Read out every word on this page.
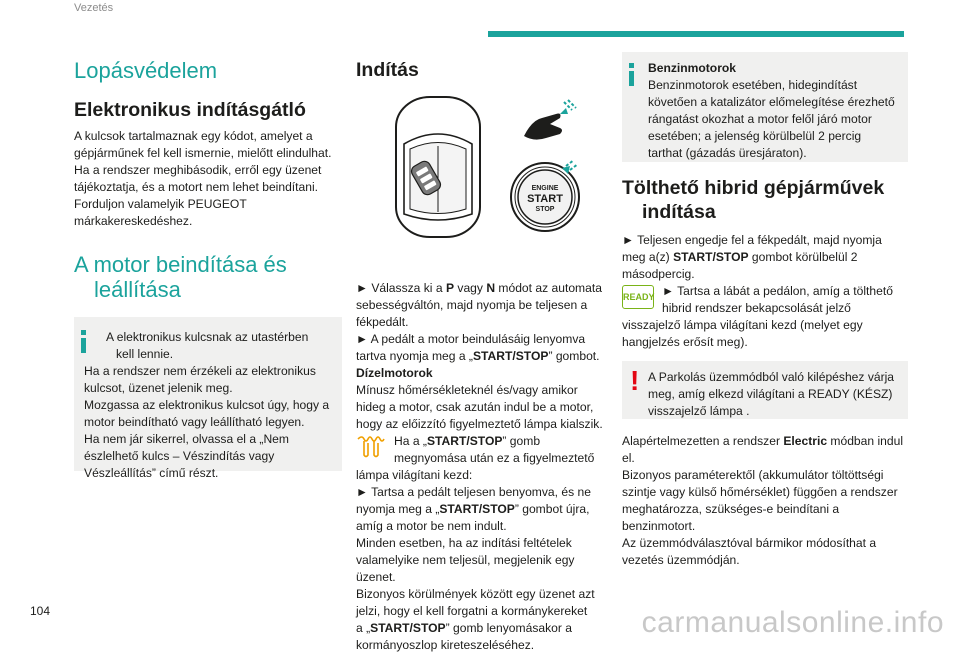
Vezetés
Lopásvédelem
Elektronikus indításgátló

A kulcsok tartalmaznak egy kódot, amelyet a gépjárműnek fel kell ismernie, mielőtt elindulhat. Ha a rendszer meghibásodik, erről egy üzenet tájékoztatja, és a motort nem lehet beindítani. Forduljon valamelyik PEUGEOT márkakereskedéshez.

A motor beindítása és
leállítása

A elektronikus kulcsnak az utastérben

kell lennie.

Ha a rendszer nem érzékeli az elektronikus kulcsot, üzenet jelenik meg.

Mozgassa az elektronikus kulcsot úgy, hogy a motor beindítható vagy leállítható legyen.

Ha nem jár sikerrel, olvassa el a „Nem észlelhető kulcs – Vészindítás vagy Vészleállítás” című részt.

Indítás
ENGINE
START
STOP

► Válassza ki a P vagy N módot az automata sebességváltón, majd nyomja be teljesen a fékpedált.

► A pedált a motor beindulásáig lenyomva tartva nyomja meg a „START/STOP” gombot.

Dízelmotorok

Mínusz hőmérsékleteknél és/vagy amikor hideg a motor, csak azután indul be a motor, hogy az előizzító figyelmeztető lámpa kialszik.

Ha a „START/STOP” gomb megnyomása után ez a figyelmeztető lámpa világítani kezd:

► Tartsa a pedált teljesen benyomva, és ne nyomja meg a „START/STOP” gombot újra, amíg a motor be nem indult.

Minden esetben, ha az indítási feltételek valamelyike nem teljesül, megjelenik egy üzenet.

Bizonyos körülmények között egy üzenet azt jelzi, hogy el kell forgatni a kormánykereket

a „START/STOP” gomb lenyomásakor a kormányoszlop kireteszeléséhez.

Benzinmotorok

Benzinmotorok esetében, hidegindítást követően a katalizátor előmelegítése érezhető rángatást okozhat a motor felől járó motor esetében; a jelenség körülbelül 2 percig tarthat (gázadás üresjáraton).

Tölthető hibrid gépjárművek
indítása

► Teljesen engedje fel a fékpedált, majd nyomja meg a(z) START/STOP gombot körülbelül 2 másodpercig.

READY ► Tartsa a lábát a pedálon, amíg a tölthető hibrid rendszer bekapcsolását jelző visszajelző lámpa világítani kezd (melyet egy hangjelzés erősít meg).

! A Parkolás üzemmódból való kilépéshez várja meg, amíg elkezd világítani a READY (KÉSZ) visszajelző lámpa .

Alapértelmezetten a rendszer Electric módban indul el.

Bizonyos paraméterektől (akkumulátor töltöttségi szintje vagy külső hőmérséklet) függően a rendszer meghatározza, szükséges-e beindítani a benzinmotort.

Az üzemmódválasztóval bármikor módosíthat a vezetés üzemmódján.

104	carmanualsonline.info
